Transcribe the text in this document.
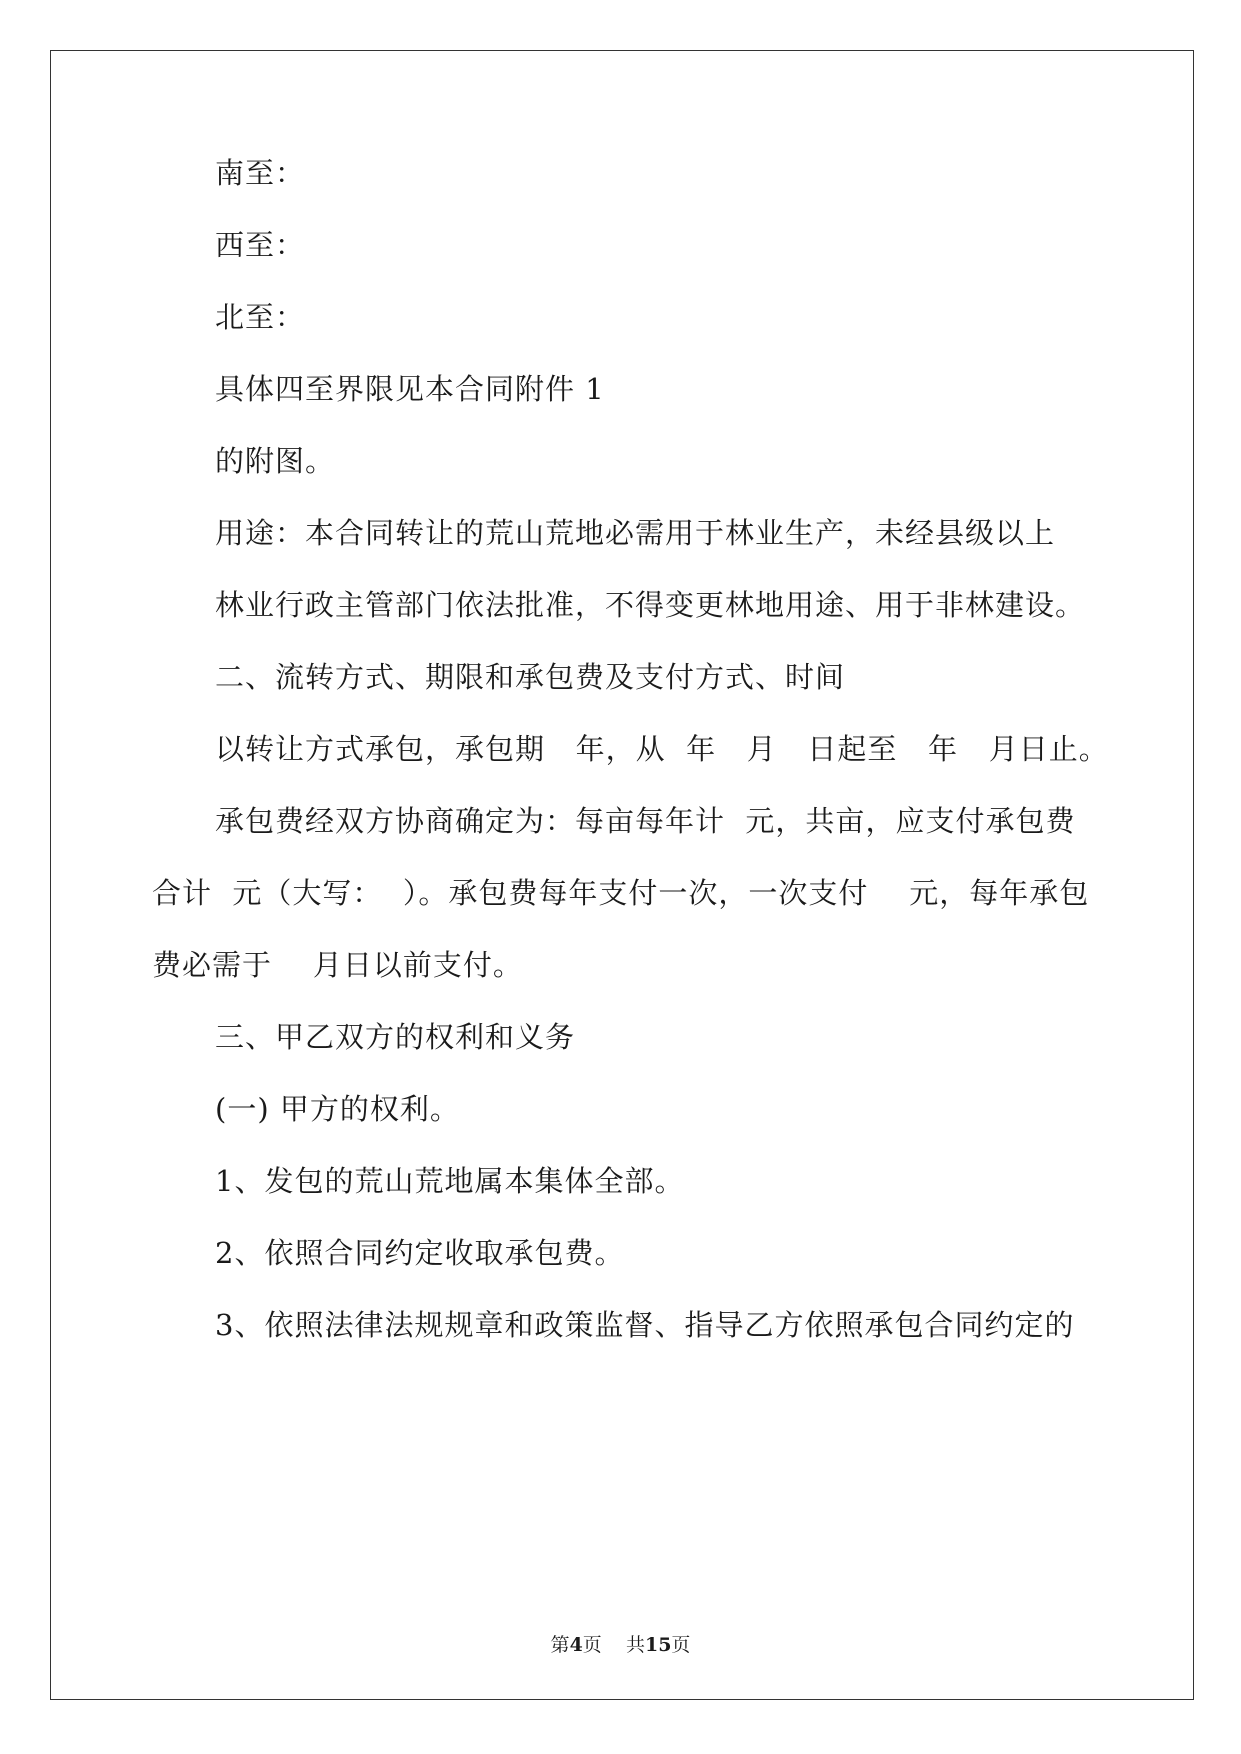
南至：
西至：
北至：
具体四至界限见本合同附件 1
的附图。
用途：本合同转让的荒山荒地必需用于林业生产，未经县级以上
林业行政主管部门依法批准，不得变更林地用途、用于非林建设。
二、流转方式、期限和承包费及支付方式、时间
以转让方式承包，承包期   年，从  年   月   日起至   年   月日止。
承包费经双方协商确定为：每亩每年计  元，共亩，应支付承包费
合计  元（大写：  ）。承包费每年支付一次，一次支付    元，每年承包
费必需于    月日以前支付。
三、甲乙双方的权利和义务
(一) 甲方的权利。
1、发包的荒山荒地属本集体全部。
2、依照合同约定收取承包费。
3、依照法律法规规章和政策监督、指导乙方依照承包合同约定的
第4页    共15页
